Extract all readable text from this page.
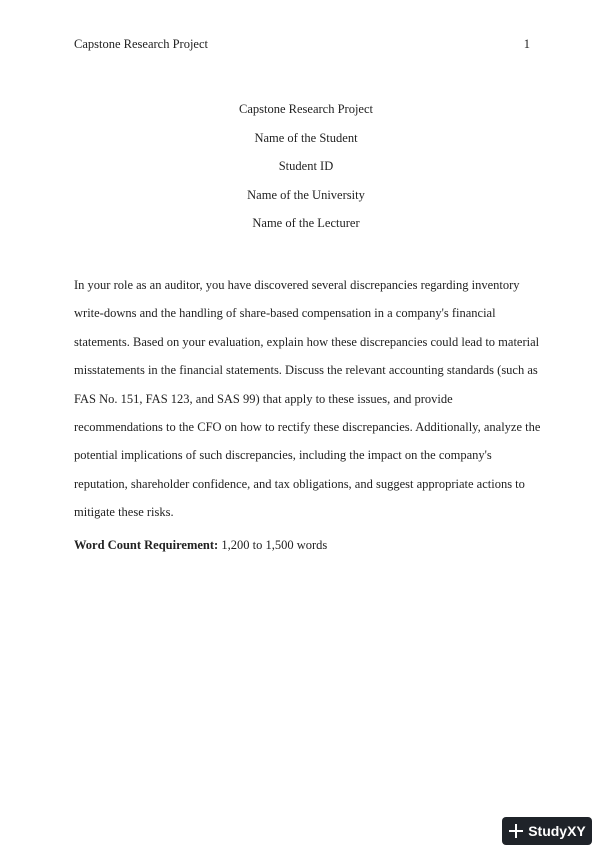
Capstone Research Project	1
Capstone Research Project
Name of the Student
Student ID
Name of the University
Name of the Lecturer
In your role as an auditor, you have discovered several discrepancies regarding inventory
write-downs and the handling of share-based compensation in a company's financial
statements. Based on your evaluation, explain how these discrepancies could lead to material
misstatements in the financial statements. Discuss the relevant accounting standards (such as
FAS No. 151, FAS 123, and SAS 99) that apply to these issues, and provide
recommendations to the CFO on how to rectify these discrepancies. Additionally, analyze the
potential implications of such discrepancies, including the impact on the company's
reputation, shareholder confidence, and tax obligations, and suggest appropriate actions to
mitigate these risks.

Word Count Requirement: 1,200 to 1,500 words

StudyXY
